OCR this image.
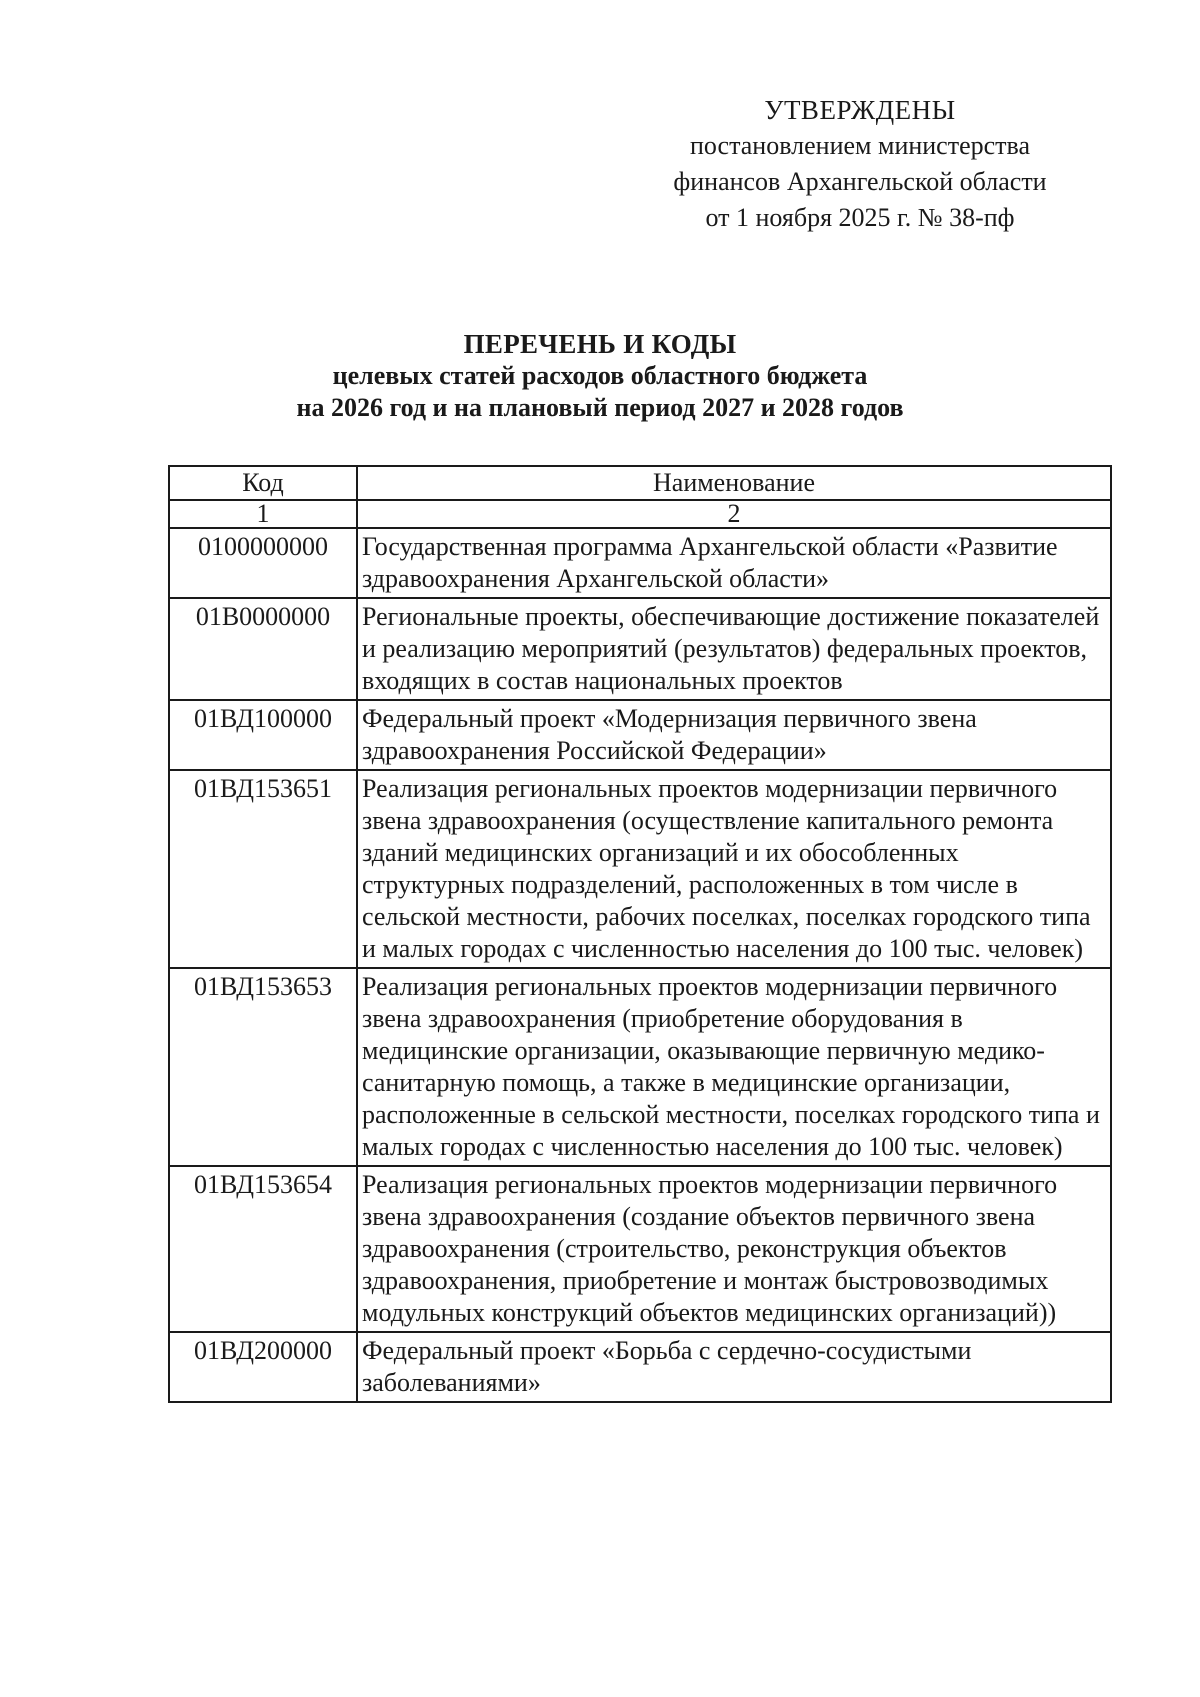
УТВЕРЖДЕНЫ
постановлением министерства
финансов Архангельской области
от 1 ноября 2025 г. № 38-пф
ПЕРЕЧЕНЬ И КОДЫ
целевых статей расходов областного бюджета
на 2026 год и на плановый период 2027 и 2028 годов
Код	Наименование
1	2
0100000000	Государственная программа Архангельской области «Развитие здравоохранения Архангельской области»
01В0000000	Региональные проекты, обеспечивающие достижение показателей и реализацию мероприятий (результатов) федеральных проектов, входящих в состав национальных проектов
01ВД100000	Федеральный проект «Модернизация первичного звена здравоохранения Российской Федерации»
01ВД153651	Реализация региональных проектов модернизации первичного звена здравоохранения (осуществление капитального ремонта зданий медицинских организаций и их обособленных структурных подразделений, расположенных в том числе в сельской местности, рабочих поселках, поселках городского типа и малых городах с численностью населения до 100 тыс. человек)
01ВД153653	Реализация региональных проектов модернизации первичного звена здравоохранения (приобретение оборудования в медицинские организации, оказывающие первичную медико-санитарную помощь, а также в медицинские организации, расположенные в сельской местности, поселках городского типа и малых городах с численностью населения до 100 тыс. человек)
01ВД153654	Реализация региональных проектов модернизации первичного звена здравоохранения (создание объектов первичного звена здравоохранения (строительство, реконструкция объектов здравоохранения, приобретение и монтаж быстровозводимых модульных конструкций объектов медицинских организаций))
01ВД200000	Федеральный проект «Борьба с сердечно-сосудистыми заболеваниями»
